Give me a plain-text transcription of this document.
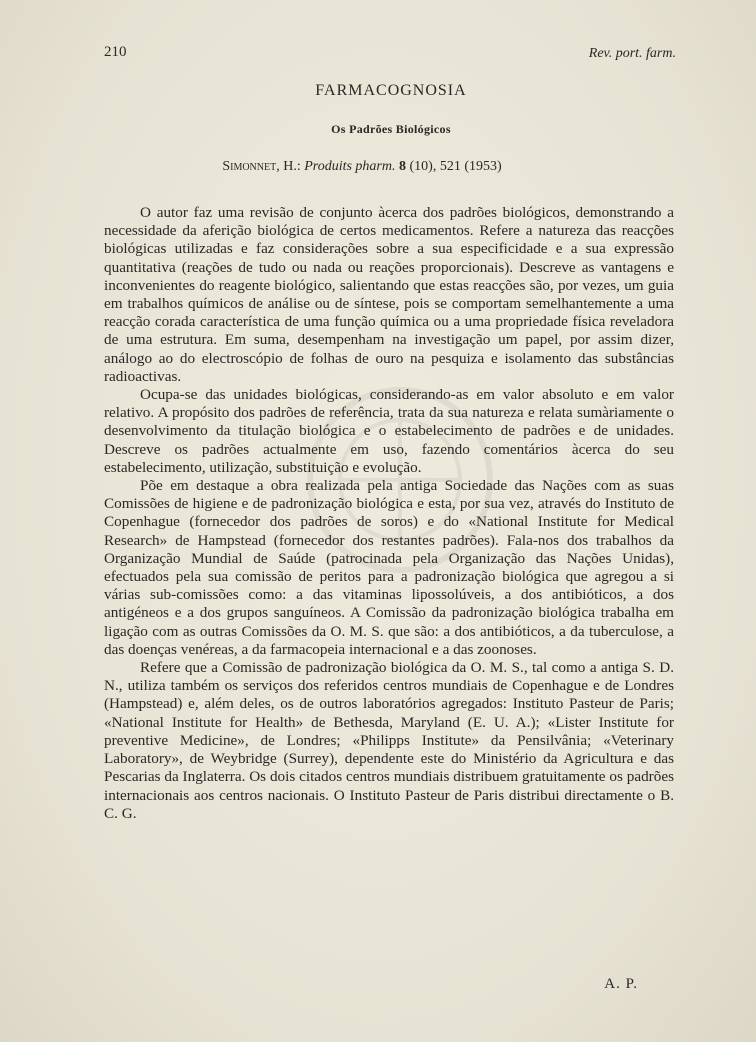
210	Rev. port. farm.
FARMACOGNOSIA
Os Padrões Biológicos
Simonnet, H.: Produits pharm. 8 (10), 521 (1953)

O autor faz uma revisão de conjunto àcerca dos padrões biológicos, demonstrando a necessidade da aferição biológica de certos medicamentos. Refere a natureza das reacções biológicas utilizadas e faz considerações sobre a sua especificidade e a sua expressão quantitativa (reações de tudo ou nada ou reações proporcionais). Descreve as vantagens e inconvenientes do reagente biológico, salientando que estas reacções são, por vezes, um guia em trabalhos químicos de análise ou de síntese, pois se comportam semelhantemente a uma reacção corada característica de uma função química ou a uma propriedade física reveladora de uma estrutura. Em suma, desempenham na investigação um papel, por assim dizer, análogo ao do electroscópio de folhas de ouro na pesquiza e isolamento das substâncias radioactivas.

Ocupa-se das unidades biológicas, considerando-as em valor absoluto e em valor relativo. A propósito dos padrões de referência, trata da sua natureza e relata sumàriamente o desenvolvimento da titulação biológica e o estabelecimento de padrões e de unidades. Descreve os padrões actualmente em uso, fazendo comentários àcerca do seu estabelecimento, utilização, substituição e evolução.

Põe em destaque a obra realizada pela antiga Sociedade das Nações com as suas Comissões de higiene e de padronização biológica e esta, por sua vez, através do Instituto de Copenhague (fornecedor dos padrões de soros) e do «National Institute for Medical Research» de Hampstead (fornecedor dos restantes padrões). Fala-nos dos trabalhos da Organização Mundial de Saúde (patrocinada pela Organização das Nações Unidas), efectuados pela sua comissão de peritos para a padronização biológica que agregou a si várias sub-comissões como: a das vitaminas lipossolúveis, a dos antibióticos, a dos antigéneos e a dos grupos sanguíneos. A Comissão da padronização biológica trabalha em ligação com as outras Comissões da O. M. S. que são: a dos antibióticos, a da tuberculose, a das doenças venéreas, a da farmacopeia internacional e a das zoonoses.

Refere que a Comissão de padronização biológica da O. M. S., tal como a antiga S. D. N., utiliza também os serviços dos referidos centros mundiais de Copenhague e de Londres (Hampstead) e, além deles, os de outros laboratórios agregados: Instituto Pasteur de Paris; «National Institute for Health» de Bethesda, Maryland (E. U. A.); «Lister Institute for preventive Medicine», de Londres; «Philipps Institute» da Pensilvânia; «Veterinary Laboratory», de Weybridge (Surrey), dependente este do Ministério da Agricultura e das Pescarias da Inglaterra. Os dois citados centros mundiais distribuem gratuitamente os padrões internacionais aos centros nacionais. O Instituto Pasteur de Paris distribui directamente o B. C. G.

A. P.
